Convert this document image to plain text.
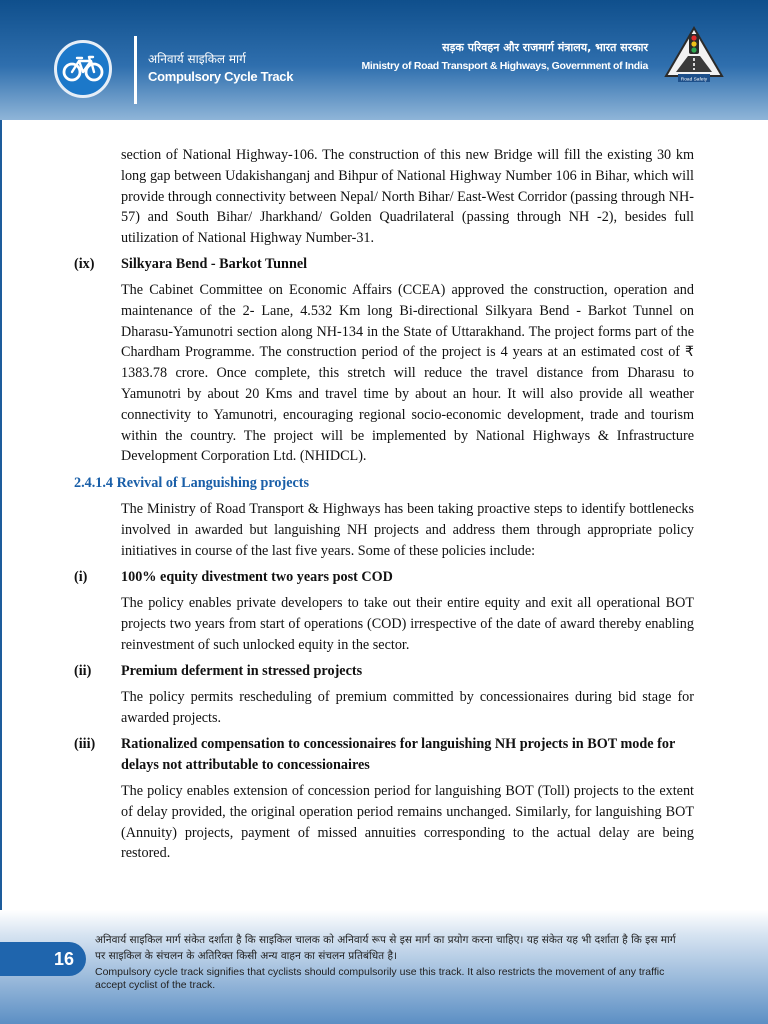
अनिवार्य साइकिल मार्ग
Compulsory Cycle Track
सड़क परिवहन और राजमार्ग मंत्रालय, भारत सरकार
Ministry of Road Transport & Highways, Government of India
Road Safety
section of National Highway-106. The construction of this new Bridge will fill the existing 30 km long gap between Udakishanganj and Bihpur of National Highway Number 106 in Bihar, which will provide through connectivity between Nepal/ North Bihar/ East-West Corridor (passing through NH- 57) and South Bihar/ Jharkhand/ Golden Quadrilateral (passing through NH -2), besides full utilization of National Highway Number-31.
(ix) Silkyara Bend - Barkot Tunnel
The Cabinet Committee on Economic Affairs (CCEA) approved the construction, operation and maintenance of the 2- Lane, 4.532 Km long Bi-directional Silkyara Bend - Barkot Tunnel on Dharasu-Yamunotri section along NH-134 in the State of Uttarakhand. The project forms part of the Chardham Programme. The construction period of the project is 4 years at an estimated cost of ₹ 1383.78 crore. Once complete, this stretch will reduce the travel distance from Dharasu to Yamunotri by about 20 Kms and travel time by about an hour. It will also provide all weather connectivity to Yamunotri, encouraging regional socio-economic development, trade and tourism within the country. The project will be implemented by National Highways & Infrastructure Development Corporation Ltd. (NHIDCL).
2.4.1.4 Revival of Languishing projects
The Ministry of Road Transport & Highways has been taking proactive steps to identify bottlenecks involved in awarded but languishing NH projects and address them through appropriate policy initiatives in course of the last five years. Some of these policies include:
(i) 100% equity divestment two years post COD
The policy enables private developers to take out their entire equity and exit all operational BOT projects two years from start of operations (COD) irrespective of the date of award thereby enabling reinvestment of such unlocked equity in the sector.
(ii) Premium deferment in stressed projects
The policy permits rescheduling of premium committed by concessionaires during bid stage for awarded projects.
(iii) Rationalized compensation to concessionaires for languishing NH projects in BOT mode for delays not attributable to concessionaires
The policy enables extension of concession period for languishing BOT (Toll) projects to the extent of delay provided, the original operation period remains unchanged. Similarly, for languishing BOT (Annuity) projects, payment of missed annuities corresponding to the actual delay are being restored.
16
अनिवार्य साइकिल मार्ग संकेत दर्शाता है कि साइकिल चालक को अनिवार्य रूप से इस मार्ग का प्रयोग करना चाहिए। यह संकेत यह भी दर्शाता है कि इस मार्ग पर साइकिल के संचलन के अतिरिक्त किसी अन्य वाहन का संचलन प्रतिबंधित है।
Compulsory cycle track signifies that cyclists should compulsorily use this track. It also restricts the movement of any traffic accept cyclist of the track.
